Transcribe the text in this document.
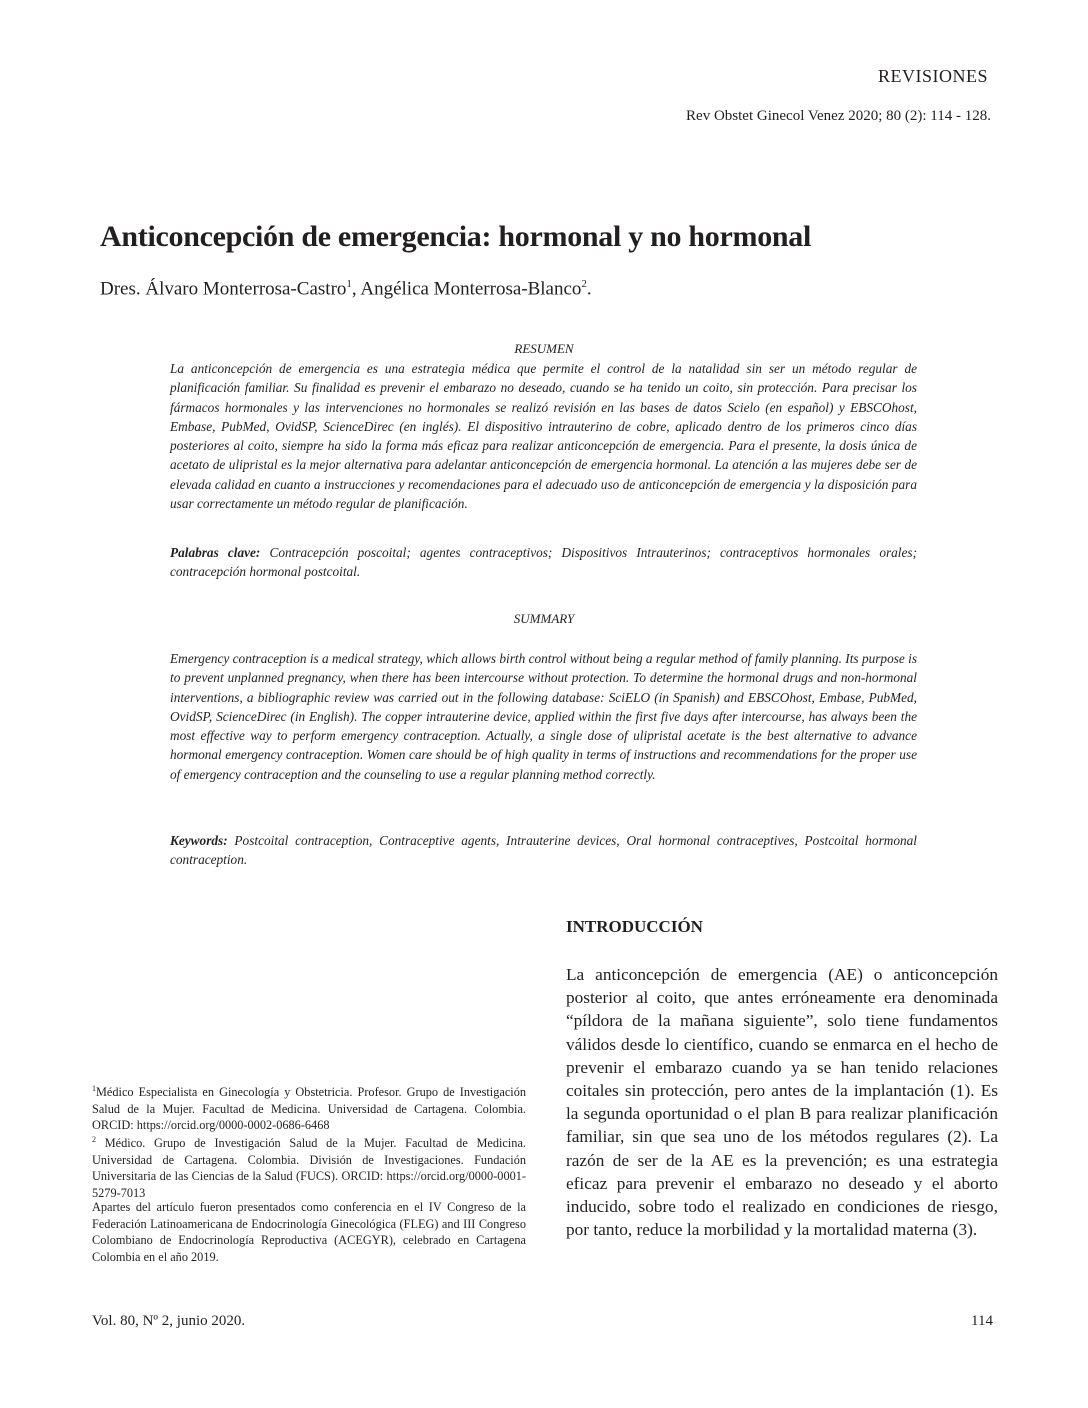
REVISIONES
Rev Obstet Ginecol Venez 2020; 80 (2): 114 - 128.
Anticoncepción de emergencia: hormonal y no hormonal
Dres. Álvaro Monterrosa-Castro$^1$, Angélica Monterrosa-Blanco$^2$.
RESUMEN
La anticoncepción de emergencia es una estrategia médica que permite el control de la natalidad sin ser un método regular de planificación familiar. Su finalidad es prevenir el embarazo no deseado, cuando se ha tenido un coito, sin protección. Para precisar los fármacos hormonales y las intervenciones no hormonales se realizó revisión en las bases de datos Scielo (en español) y EBSCOhost, Embase, PubMed, OvidSP, ScienceDirec (en inglés). El dispositivo intrauterino de cobre, aplicado dentro de los primeros cinco días posteriores al coito, siempre ha sido la forma más eficaz para realizar anticoncepción de emergencia. Para el presente, la dosis única de acetato de ulipristal es la mejor alternativa para adelantar anticoncepción de emergencia hormonal. La atención a las mujeres debe ser de elevada calidad en cuanto a instrucciones y recomendaciones para el adecuado uso de anticoncepción de emergencia y la disposición para usar correctamente un método regular de planificación.
Palabras clave: Contracepción poscoital; agentes contraceptivos; Dispositivos Intrauterinos; contraceptivos hormonales orales; contracepción hormonal postcoital.
SUMMARY
Emergency contraception is a medical strategy, which allows birth control without being a regular method of family planning. Its purpose is to prevent unplanned pregnancy, when there has been intercourse without protection. To determine the hormonal drugs and non-hormonal interventions, a bibliographic review was carried out in the following database: SciELO (in Spanish) and EBSCOhost, Embase, PubMed, OvidSP, ScienceDirec (in English). The copper intrauterine device, applied within the first five days after intercourse, has always been the most effective way to perform emergency contraception. Actually, a single dose of ulipristal acetate is the best alternative to advance hormonal emergency contraception. Women care should be of high quality in terms of instructions and recommendations for the proper use of emergency contraception and the counseling to use a regular planning method correctly.
Keywords: Postcoital contraception, Contraceptive agents, Intrauterine devices, Oral hormonal contraceptives, Postcoital hormonal contraception.
INTRODUCCIÓN
La anticoncepción de emergencia (AE) o anticoncepción posterior al coito, que antes erróneamente era denominada “píldora de la mañana siguiente”, solo tiene fundamentos válidos desde lo científico, cuando se enmarca en el hecho de prevenir el embarazo cuando ya se han tenido relaciones coitales sin protección, pero antes de la implantación (1). Es la segunda oportunidad o el plan B para realizar planificación familiar, sin que sea uno de los métodos regulares (2). La razón de ser de la AE es la prevención; es una estrategia eficaz para prevenir el embarazo no deseado y el aborto inducido, sobre todo el realizado en condiciones de riesgo, por tanto, reduce la morbilidad y la mortalidad materna (3).
$^1$Médico Especialista en Ginecología y Obstetricia. Profesor. Grupo de Investigación Salud de la Mujer. Facultad de Medicina. Universidad de Cartagena. Colombia. ORCID: https://orcid.org/0000-0002-0686-6468
$^2$ Médico. Grupo de Investigación Salud de la Mujer. Facultad de Medicina. Universidad de Cartagena. Colombia. División de Investigaciones. Fundación Universitaria de las Ciencias de la Salud (FUCS). ORCID: https://orcid.org/0000-0001-5279-7013
Apartes del artículo fueron presentados como conferencia en el IV Congreso de la Federación Latinoamericana de Endocrinología Ginecológica (FLEG) and III Congreso Colombiano de Endocrinología Reproductiva (ACEGYR), celebrado en Cartagena Colombia en el año 2019.
Vol. 80, Nº 2, junio 2020.	114
